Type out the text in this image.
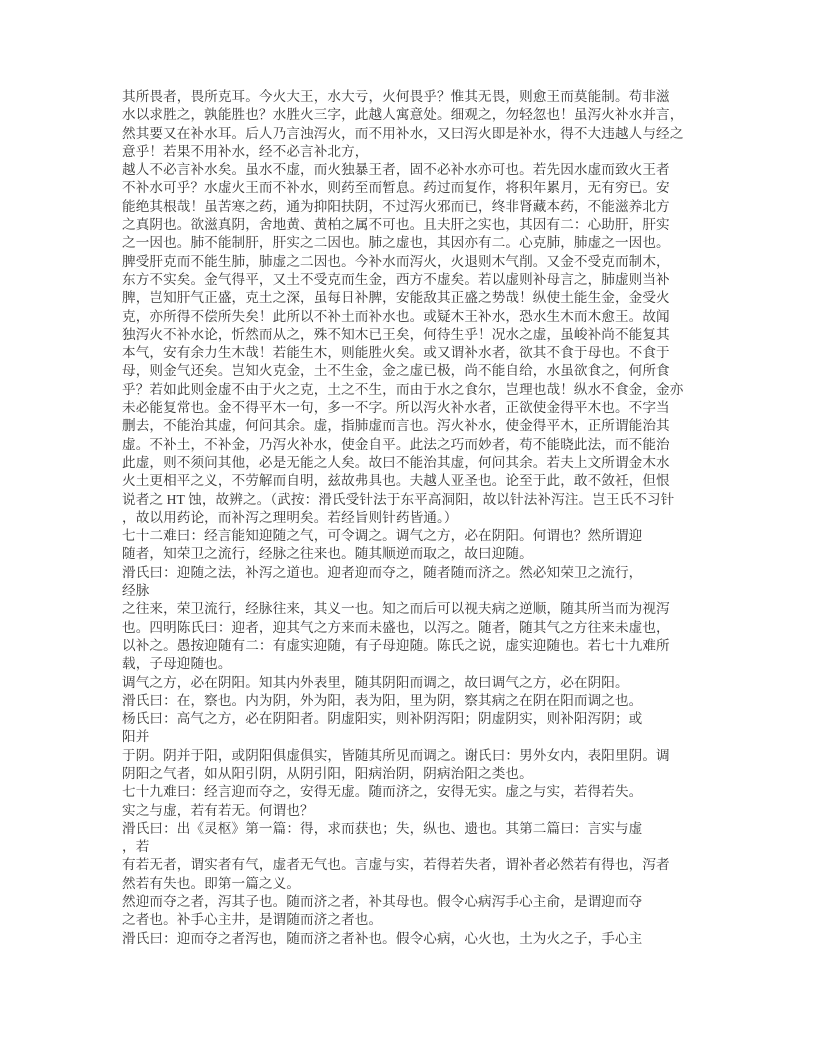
其所畏者，畏所克耳。今火大王，水大亏，火何畏乎？惟其无畏，则愈王而莫能制。苟非滋
水以求胜之，孰能胜也？水胜火三字，此越人寓意处。细观之，勿轻忽也！虽泻火补水并言，
然其要又在补水耳。后人乃言浊泻火，而不用补水，又曰泻火即是补水，得不大违越人与经之
意乎！若果不用补水，经不必言补北方，
越人不必言补水矣。虽水不虚，而火独暴王者，固不必补水亦可也。若先因水虚而致火王者
不补水可乎？水虚火王而不补水，则药至而暂息。药过而复作，将积年累月，无有穷已。安
能绝其根哉！虽苦寒之药，通为抑阳扶阴，不过泻火邪而已，终非肾藏本药，不能滋养北方
之真阴也。欲滋真阴，舍地黄、黄柏之属不可也。且夫肝之实也，其因有二：心助肝，肝实
之一因也。肺不能制肝，肝实之二因也。肺之虚也，其因亦有二。心克肺，肺虚之一因也。
脾受肝克而不能生肺，肺虚之二因也。今补水而泻火，火退则木气削。又金不受克而制木，
东方不实矣。金气得平，又土不受克而生金，西方不虚矣。若以虚则补母言之，肺虚则当补
脾，岂知肝气正盛，克土之深，虽每日补脾，安能敌其正盛之势哉！纵使土能生金，金受火
克，亦所得不偿所失矣！此所以不补土而补水也。或疑木王补水，恐水生木而木愈王。故闻
独泻火不补水论，忻然而从之，殊不知木已王矣，何待生乎！况水之虚，虽峻补尚不能复其
本气，安有余力生木哉！若能生木，则能胜火矣。或又谓补水者，欲其不食于母也。不食于
母，则金气还矣。岂知火克金，土不生金，金之虚已极，尚不能自给，水虽欲食之，何所食
乎？若如此则金虚不由于火之克，土之不生，而由于水之食尔，岂理也哉！纵水不食金，金亦
未必能复常也。金不得平木一句，多一不字。所以泻火补水者，正欲使金得平木也。不字当
删去，不能治其虚，何问其余。虚，指肺虚而言也。泻火补水，使金得平木，正所谓能治其
虚。不补土，不补金，乃泻火补水，使金自平。此法之巧而妙者，苟不能晓此法，而不能治
此虚，则不须问其他，必是无能之人矣。故曰不能治其虚，何问其余。若夫上文所谓金木水
火土更相平之义，不劳解而自明，兹故弗具也。夫越人亚圣也。论至于此，敢不敛衽，但恨
说者之 HT 蚀，故辨之。（武按：滑氏受针法于东平高洞阳，故以针法补泻注。岂王氏不习针
，故以用药论，而补泻之理明矣。若经旨则针药皆通。）
七十二难曰：经言能知迎随之气，可令调之。调气之方，必在阴阳。何谓也？然所谓迎
随者，知荣卫之流行，经脉之往来也。随其顺逆而取之，故曰迎随。
滑氏曰：迎随之法，补泻之道也。迎者迎而夺之，随者随而济之。然必知荣卫之流行，
经脉
之往来，荣卫流行，经脉往来，其义一也。知之而后可以视夫病之逆顺，随其所当而为视泻
也。四明陈氏曰：迎者，迎其气之方来而未盛也，以泻之。随者，随其气之方往来未虚也，
以补之。愚按迎随有二：有虚实迎随，有子母迎随。陈氏之说，虚实迎随也。若七十九难所
载，子母迎随也。
调气之方，必在阴阳。知其内外表里，随其阴阳而调之，故曰调气之方，必在阴阳。
滑氏曰：在，察也。内为阴，外为阳，表为阳，里为阴，察其病之在阴在阳而调之也。
杨氏曰：高气之方，必在阴阳者。阴虚阳实，则补阴泻阳；阴虚阴实，则补阳泻阴；或
阳并
于阴。阴并于阳，或阴阳俱虚俱实，皆随其所见而调之。谢氏曰：男外女内，表阳里阴。调
阴阳之气者，如从阳引阴，从阴引阳，阳病治阴，阴病治阳之类也。
七十九难曰：经言迎而夺之，安得无虚。随而济之，安得无实。虚之与实，若得若失。
实之与虚，若有若无。何谓也？
滑氏曰：出《灵枢》第一篇：得，求而获也；失，纵也、遗也。其第二篇曰：言实与虚
，若
有若无者，谓实者有气，虚者无气也。言虚与实，若得若失者，谓补者必然若有得也，泻者
然若有失也。即第一篇之义。
然迎而夺之者，泻其子也。随而济之者，补其母也。假令心病泻手心主俞，是谓迎而夺
之者也。补手心主井，是谓随而济之者也。
滑氏曰：迎而夺之者泻也，随而济之者补也。假令心病，心火也，土为火之子，手心主
